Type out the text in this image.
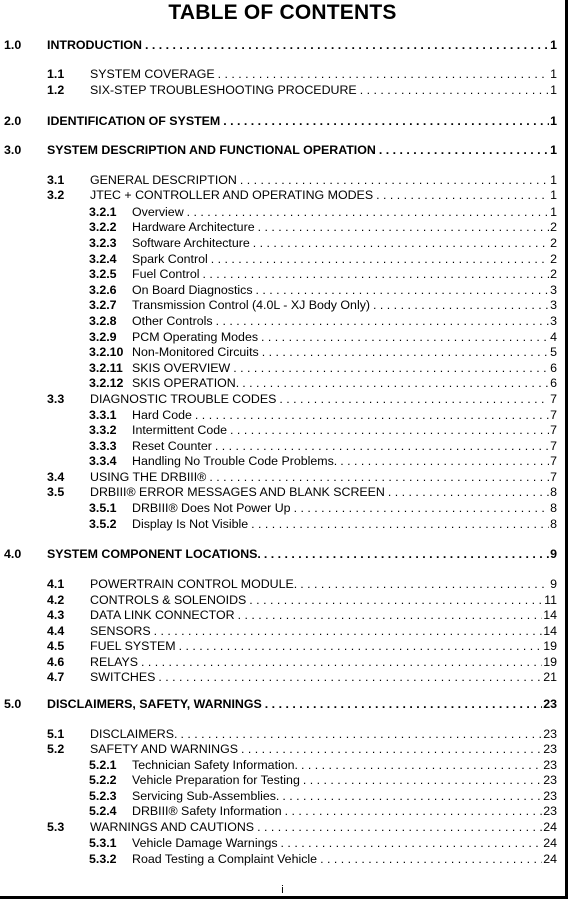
TABLE OF CONTENTS
1.0	INTRODUCTION . . .	1
1.1	SYSTEM COVERAGE . . .	1
1.2	SIX-STEP TROUBLESHOOTING PROCEDURE . . .	1
2.0	IDENTIFICATION OF SYSTEM . . .	1
3.0	SYSTEM DESCRIPTION AND FUNCTIONAL OPERATION . . .	1
3.1	GENERAL DESCRIPTION . . .	1
3.2	JTEC + CONTROLLER AND OPERATING MODES . . .	1
3.2.1	Overview . . .	1
3.2.2	Hardware Architecture . . .	2
3.2.3	Software Architecture . . .	2
3.2.4	Spark Control . . .	2
3.2.5	Fuel Control . . .	2
3.2.6	On Board Diagnostics . . .	3
3.2.7	Transmission Control (4.0L - XJ Body Only) . . .	3
3.2.8	Other Controls . . .	3
3.2.9	PCM Operating Modes . . .	4
3.2.10 Non-Monitored Circuits . . .	5
3.2.11 SKIS OVERVIEW . . .	6
3.2.12 SKIS OPERATION. . . .	6
3.3	DIAGNOSTIC TROUBLE CODES . . .	7
3.3.1	Hard Code . . .	7
3.3.2	Intermittent Code . . .	7
3.3.3	Reset Counter . . .	7
3.3.4	Handling No Trouble Code Problems. . . .	7
3.4	USING THE DRBIII® . . .	7
3.5	DRBIII® ERROR MESSAGES AND BLANK SCREEN . . .	8
3.5.1	DRBIII® Does Not Power Up . . .	8
3.5.2	Display Is Not Visible . . .	8
4.0	SYSTEM COMPONENT LOCATIONS. . . .	9
4.1	POWERTRAIN CONTROL MODULE. . . .	9
4.2	CONTROLS & SOLENOIDS . . .	11
4.3	DATA LINK CONNECTOR . . .	14
4.4	SENSORS . . .	14
4.5	FUEL SYSTEM . . .	19
4.6	RELAYS . . .	19
4.7	SWITCHES . . .	21
5.0	DISCLAIMERS, SAFETY, WARNINGS . . .	23
5.1	DISCLAIMERS. . . .	23
5.2	SAFETY AND WARNINGS . . .	23
5.2.1	Technician Safety Information. . . .	23
5.2.2	Vehicle Preparation for Testing . . .	23
5.2.3	Servicing Sub-Assemblies. . . .	23
5.2.4	DRBIII® Safety Information . . .	23
5.3	WARNINGS AND CAUTIONS . . .	24
5.3.1	Vehicle Damage Warnings . . .	24
5.3.2	Road Testing a Complaint Vehicle . . .	24
i
